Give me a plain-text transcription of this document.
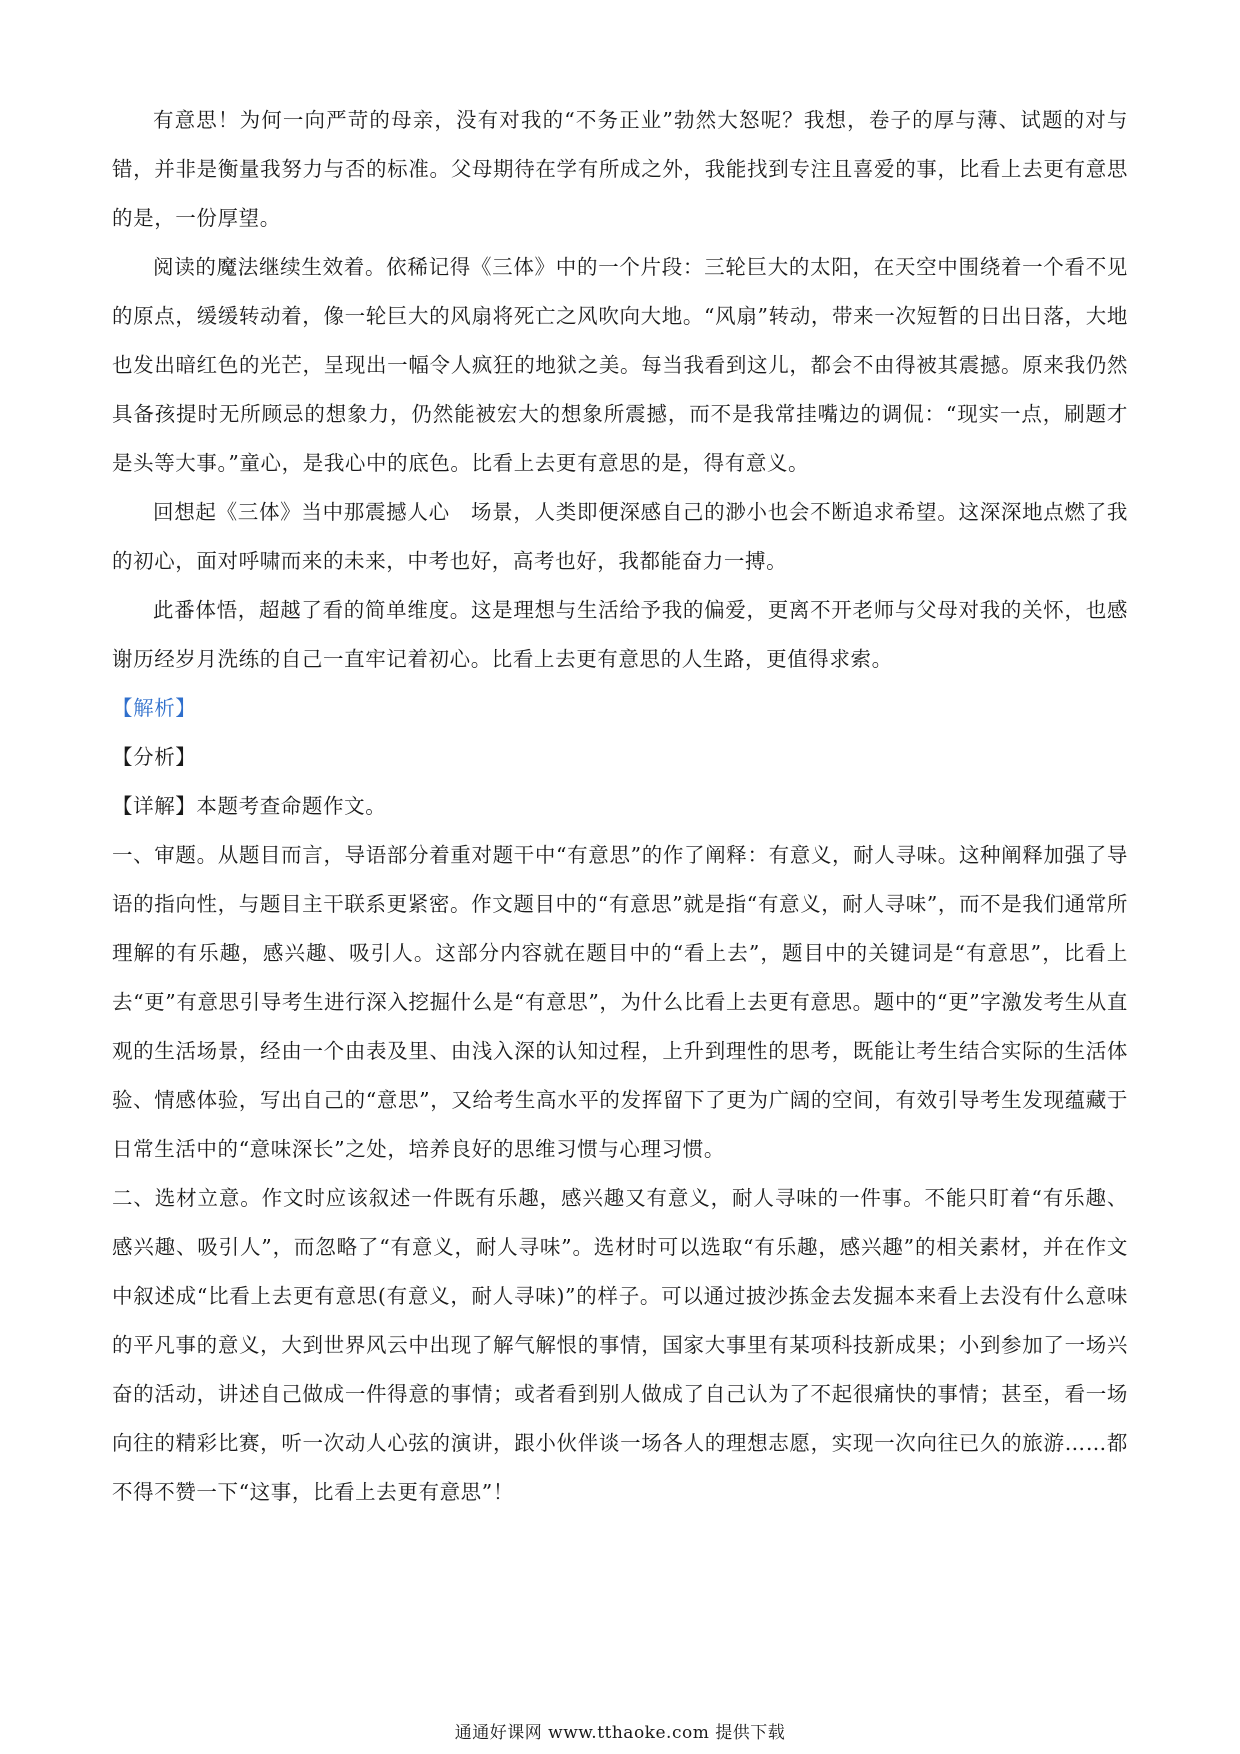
有意思！为何一向严苛的母亲，没有对我的“不务正业”勃然大怒呢？我想，卷子的厚与薄、试题的对与错，并非是衡量我努力与否的标准。父母期待在学有所成之外，我能找到专注且喜爱的事，比看上去更有意思的是，一份厚望。

阅读的魔法继续生效着。依稀记得《三体》中的一个片段：三轮巨大的太阳，在天空中围绕着一个看不见的原点，缓缓转动着，像一轮巨大的风扇将死亡之风吹向大地。“风扇”转动，带来一次短暂的日出日落，大地也发出暗红色的光芒，呈现出一幅令人疯狂的地狱之美。每当我看到这儿，都会不由得被其震撼。原来我仍然具备孩提时无所顾忌的想象力，仍然能被宏大的想象所震撼，而不是我常挂嘴边的调侃：“现实一点，刷题才是头等大事。”童心，是我心中的底色。比看上去更有意思的是，得有意义。

回想起《三体》当中那震撼人心　场景，人类即便深感自己的渺小也会不断追求希望。这深深地点燃了我的初心，面对呼啸而来的未来，中考也好，高考也好，我都能奋力一搏。

此番体悟，超越了看的简单维度。这是理想与生活给予我的偏爱，更离不开老师与父母对我的关怀，也感谢历经岁月洗练的自己一直牢记着初心。比看上去更有意思的人生路，更值得求索。

【解析】

【分析】

【详解】本题考查命题作文。

一、审题。从题目而言，导语部分着重对题干中“有意思”的作了阐释：有意义，耐人寻味。这种阐释加强了导语的指向性，与题目主干联系更紧密。作文题目中的“有意思”就是指“有意义，耐人寻味”，而不是我们通常所理解的有乐趣，感兴趣、吸引人。这部分内容就在题目中的“看上去”，题目中的关键词是“有意思”，比看上去“更”有意思引导考生进行深入挖掘什么是“有意思”，为什么比看上去更有意思。题中的“更”字激发考生从直观的生活场景，经由一个由表及里、由浅入深的认知过程，上升到理性的思考，既能让考生结合实际的生活体验、情感体验，写出自己的“意思”，又给考生高水平的发挥留下了更为广阔的空间，有效引导考生发现蕴藏于日常生活中的“意味深长”之处，培养良好的思维习惯与心理习惯。

二、选材立意。作文时应该叙述一件既有乐趣，感兴趣又有意义，耐人寻味的一件事。不能只盯着“有乐趣、感兴趣、吸引人”，而忽略了“有意义，耐人寻味”。选材时可以选取“有乐趣，感兴趣”的相关素材，并在作文中叙述成“比看上去更有意思(有意义，耐人寻味)”的样子。可以通过披沙拣金去发掘本来看上去没有什么意味的平凡事的意义，大到世界风云中出现了解气解恨的事情，国家大事里有某项科技新成果；小到参加了一场兴奋的活动，讲述自己做成一件得意的事情；或者看到别人做成了自己认为了不起很痛快的事情；甚至，看一场向往的精彩比赛，听一次动人心弦的演讲，跟小伙伴谈一场各人的理想志愿，实现一次向往已久的旅游……都不得不赞一下“这事，比看上去更有意思”！

通通好课网 www.tthaoke.com 提供下载
